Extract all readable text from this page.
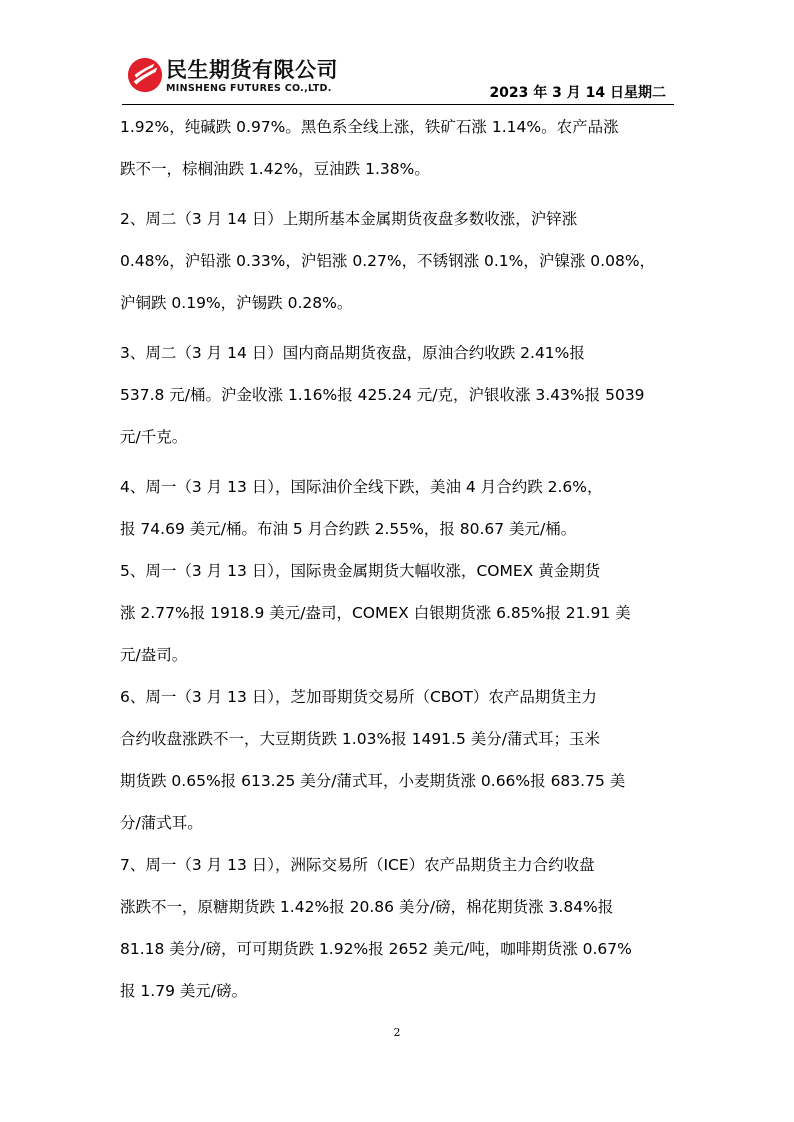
民生期货有限公司
MINSHENG FUTURES CO.,LTD.	2023 年 3 月 14 日星期二

1.92%，纯碱跌 0.97%。黑色系全线上涨，铁矿石涨 1.14%。农产品涨
跌不一，棕榈油跌 1.42%，豆油跌 1.38%。

2、周二（3 月 14 日）上期所基本金属期货夜盘多数收涨，沪锌涨
0.48%，沪铅涨 0.33%，沪铝涨 0.27%，不锈钢涨 0.1%，沪镍涨 0.08%，
沪铜跌 0.19%，沪锡跌 0.28%。

3、周二（3 月 14 日）国内商品期货夜盘，原油合约收跌 2.41%报
537.8 元/桶。沪金收涨 1.16%报 425.24 元/克，沪银收涨 3.43%报 5039
元/千克。

4、周一（3 月 13 日），国际油价全线下跌，美油 4 月合约跌 2.6%，
报 74.69 美元/桶。布油 5 月合约跌 2.55%，报 80.67 美元/桶。

5、周一（3 月 13 日），国际贵金属期货大幅收涨，COMEX 黄金期货
涨 2.77%报 1918.9 美元/盎司，COMEX 白银期货涨 6.85%报 21.91 美
元/盎司。

6、周一（3 月 13 日），芝加哥期货交易所（CBOT）农产品期货主力
合约收盘涨跌不一，大豆期货跌 1.03%报 1491.5 美分/蒲式耳；玉米
期货跌 0.65%报 613.25 美分/蒲式耳，小麦期货涨 0.66%报 683.75 美
分/蒲式耳。

7、周一（3 月 13 日），洲际交易所（ICE）农产品期货主力合约收盘
涨跌不一，原糖期货跌 1.42%报 20.86 美分/磅，棉花期货涨 3.84%报
81.18 美分/磅，可可期货跌 1.92%报 2652 美元/吨，咖啡期货涨 0.67%
报 1.79 美元/磅。

2
